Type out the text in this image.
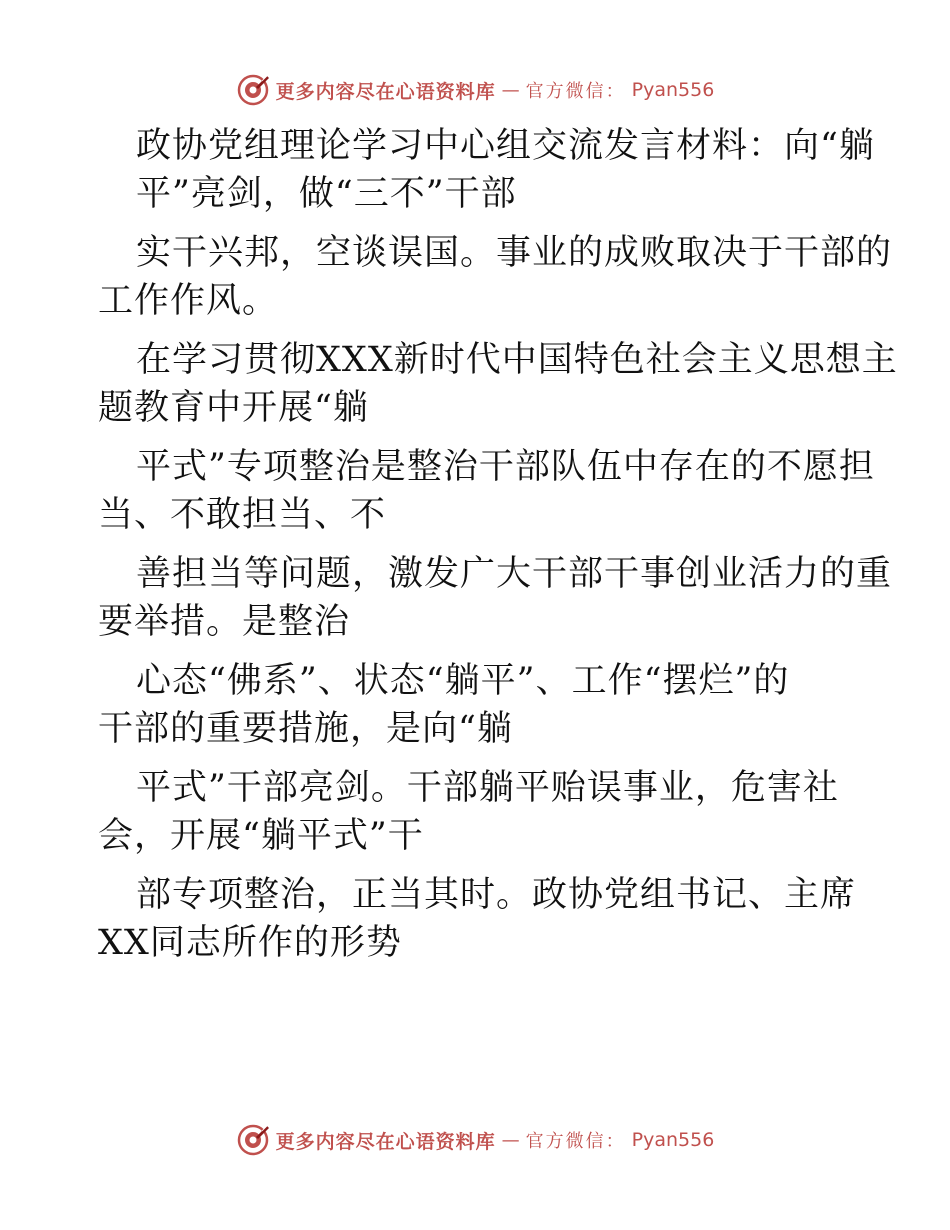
更多内容尽在心语资料库 — 官方微信： Pyan556

政协党组理论学习中心组交流发言材料：向“躺

平”亮剑，做“三不”干部

实干兴邦，空谈误国。事业的成败取决于干部的

工作作风。

在学习贯彻XXX新时代中国特色社会主义思想主

题教育中开展“躺

平式”专项整治是整治干部队伍中存在的不愿担

当、不敢担当、不

善担当等问题，激发广大干部干事创业活力的重

要举措。是整治

心态“佛系”、状态“躺平”、工作“摆烂”的

干部的重要措施，是向“躺

平式”干部亮剑。干部躺平贻误事业，危害社

会，开展“躺平式”干

部专项整治，正当其时。政协党组书记、主席

XX同志所作的形势

更多内容尽在心语资料库 — 官方微信： Pyan556
